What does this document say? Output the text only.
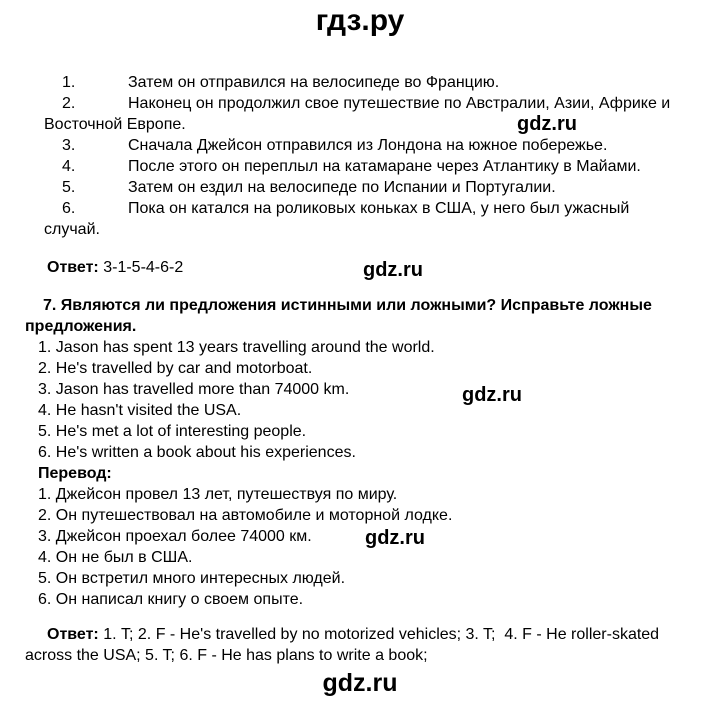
гдз.ру

1.	Затем он отправился на велосипеде во Францию.

2.	Наконец он продолжил свое путешествие по Австралии, Азии, Африке и
Восточной Европе.

3.	Сначала Джейсон отправился из Лондона на южное побережье.

4.	После этого он переплыл на катамаране через Атлантику в Майами.

5.	Затем он ездил на велосипеде по Испании и Португалии.

6.	Пока он катался на роликовых коньках в США, у него был ужасный
случай.

Ответ: 3-1-5-4-6-2

7. Являются ли предложения истинными или ложными? Исправьте ложные
предложения.

1. Jason has spent 13 years travelling around the world.

2. He's travelled by car and motorboat.

3. Jason has travelled more than 74000 km.

4. He hasn't visited the USA.

5. He's met a lot of interesting people.

6. He's written a book about his experiences.

Перевод:

1. Джейсон провел 13 лет, путешествуя по миру.

2. Он путешествовал на автомобиле и моторной лодке.

3. Джейсон проехал более 74000 км.

4. Он не был в США.

5. Он встретил много интересных людей.

6. Он написал книгу о своем опыте.

Ответ: 1. T; 2. F - He's travelled by no motorized vehicles; 3. T;  4. F - He roller-skated
across the USA; 5. T; 6. F - He has plans to write a book;

gdz.ru
gdz.ru
gdz.ru
gdz.ru
gdz.ru
